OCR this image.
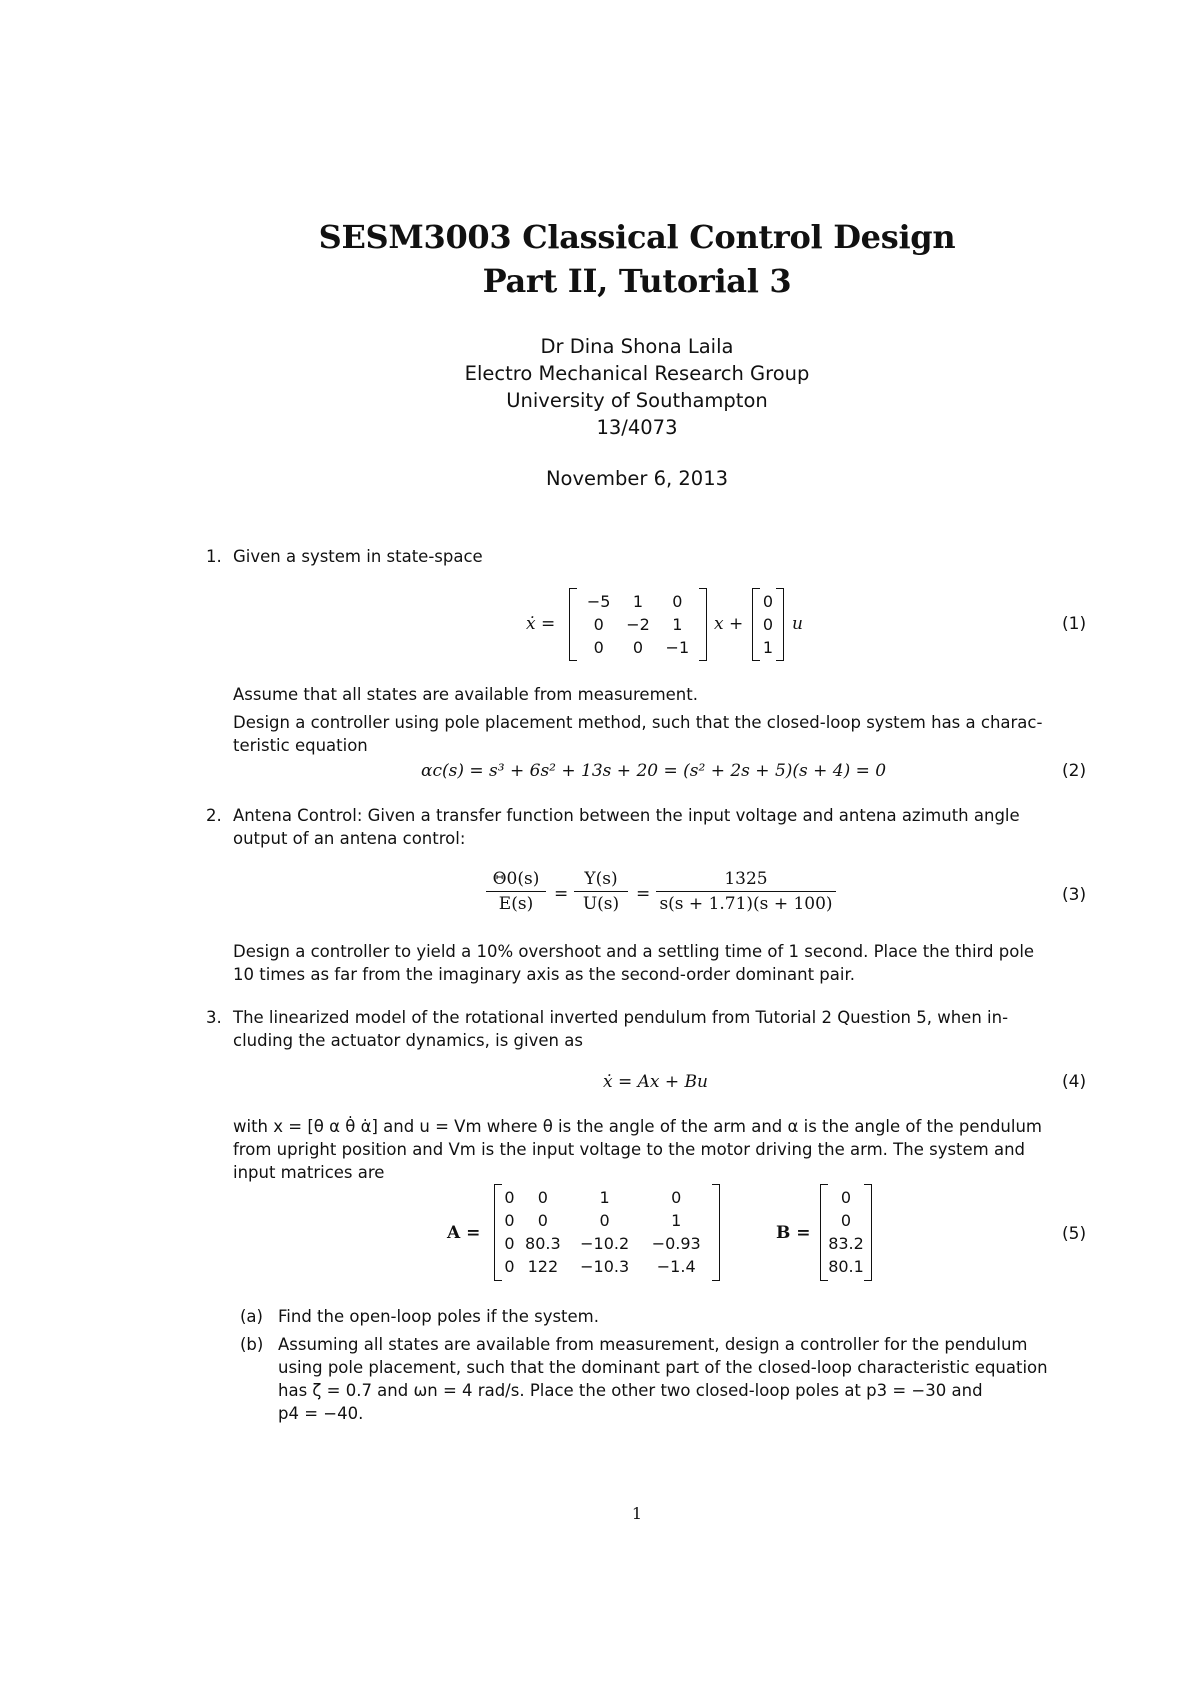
SESM3003 Classical Control Design
Part II, Tutorial 3
Dr Dina Shona Laila
Electro Mechanical Research Group
University of Southampton
13/4073
November 6, 2013
1. Given a system in state-space
ẋ =
−5	1	0
0	−2	1
0	0	−1
x +
0
0
1
u	(1)
Assume that all states are available from measurement.
Design a controller using pole placement method, such that the closed-loop system has a charac-
teristic equation
αc(s) = s³ + 6s² + 13s + 20 = (s² + 2s + 5)(s + 4) = 0	(2)
2. Antena Control: Given a transfer function between the input voltage and antena azimuth angle
output of an antena control:
Θ0(s)
E(s)	=
Y(s)
U(s) =
1325
s(s + 1.71)(s + 100)	(3)
Design a controller to yield a 10% overshoot and a settling time of 1 second. Place the third pole
10 times as far from the imaginary axis as the second-order dominant pair.
3. The linearized model of the rotational inverted pendulum from Tutorial 2 Question 5, when in-
cluding the actuator dynamics, is given as
ẋ = Ax + Bu	(4)
with x = [θ α θ̇ α̇] and u = Vm where θ is the angle of the arm and α is the angle of the pendulum
from upright position and Vm is the input voltage to the motor driving the arm. The system and
input matrices are
A =
0	0	1	0
0	0	0	1
0	80.3	−10.2	−0.93
0	122	−10.3	−1.4
B =
0
0
83.2
80.1
(5)
(a) Find the open-loop poles if the system.
(b) Assuming all states are available from measurement, design a controller for the pendulum
using pole placement, such that the dominant part of the closed-loop characteristic equation
has ζ = 0.7 and ωn = 4 rad/s. Place the other two closed-loop poles at p3 = −30 and
p4 = −40.
1
